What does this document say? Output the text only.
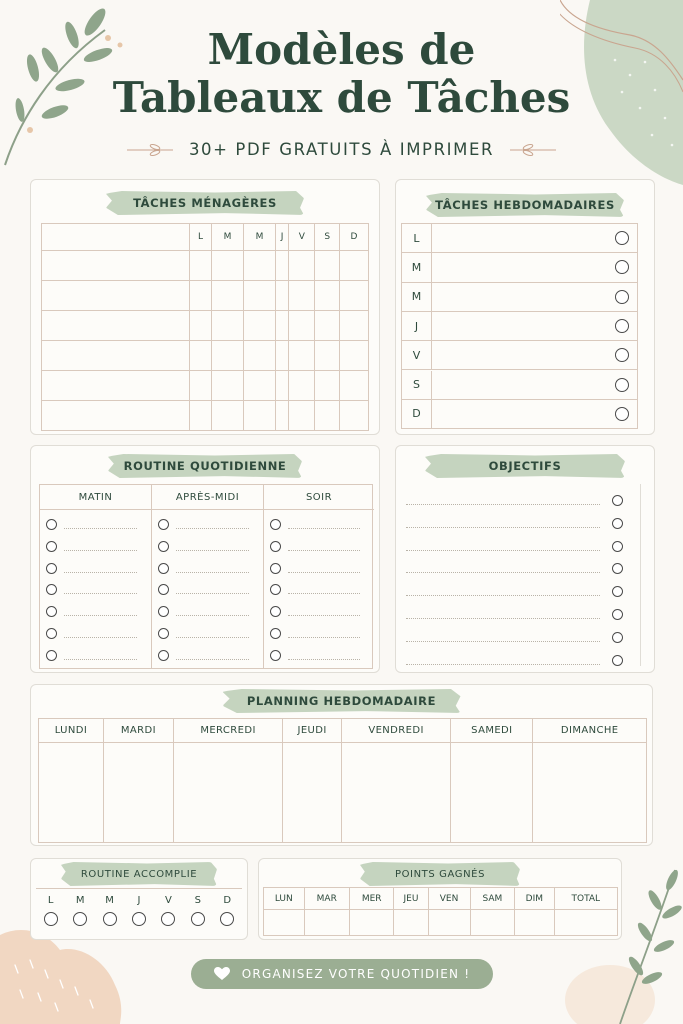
Modèles de
Tableaux de Tâches
30+ PDF GRATUITS À IMPRIMER
TÂCHES MÉNAGÈRES
	L	M	M	J	V	S	D

TÂCHES HEBDOMADAIRES
L
M
M
J
V
S
D
ROUTINE QUOTIDIENNE
MATIN	APRÈS-MIDI	SOIR
OBJECTIFS
PLANNING HEBDOMADAIRE
LUNDI	MARDI	MERCREDI	JEUDI	VENDREDI	SAMEDI	DIMANCHE

ROUTINE ACCOMPLIE
L M M J V S D
POINTS GAGNÉS
LUN	MAR	MER	JEU	VEN	SAM	DIM	TOTAL

ORGANISEZ VOTRE QUOTIDIEN !
